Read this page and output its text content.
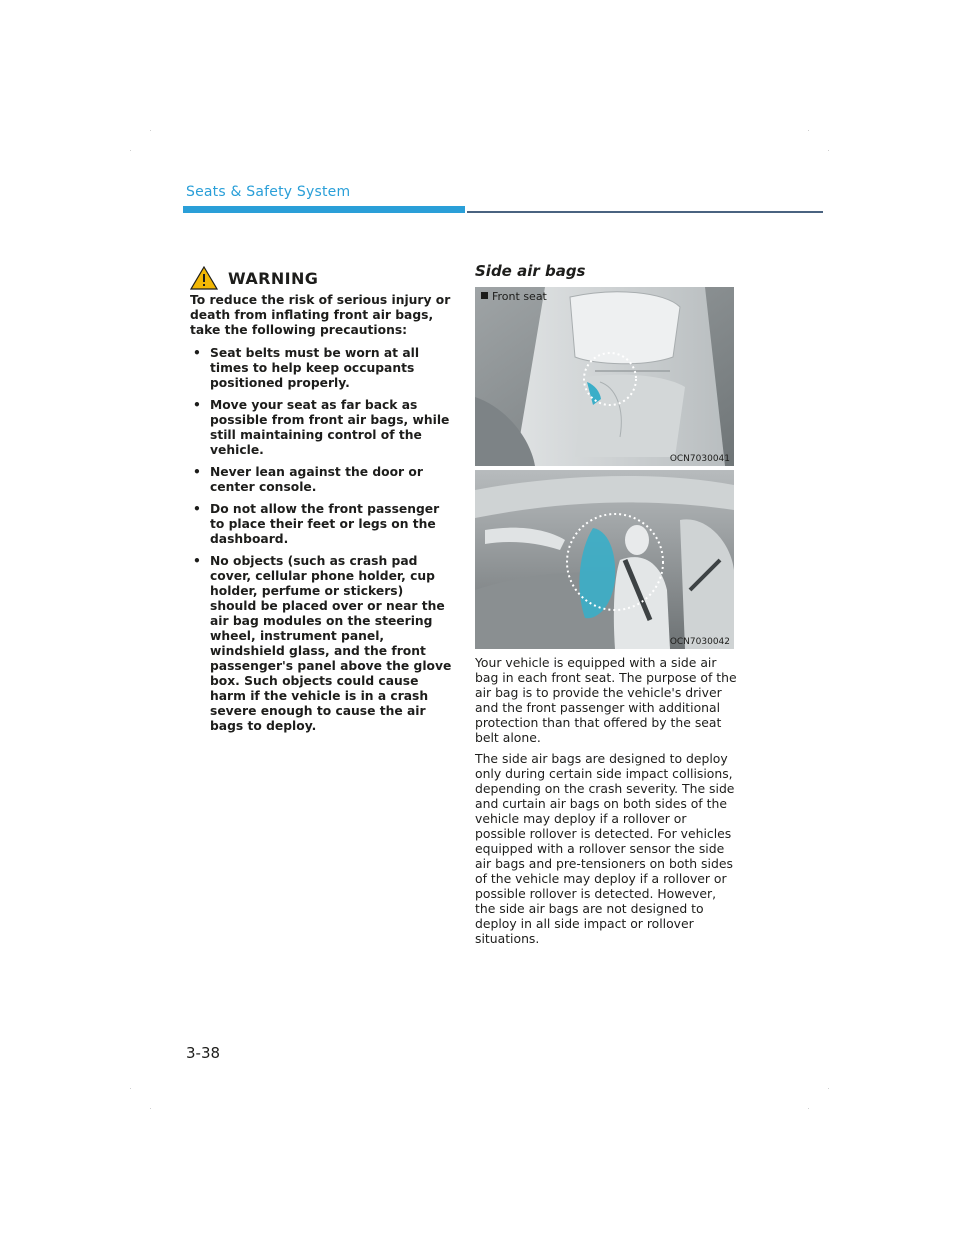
Seats & Safety System
WARNING

To reduce the risk of serious injury or death from inflating front air bags, take the following precautions:

• Seat belts must be worn at all times to help keep occupants positioned properly.
• Move your seat as far back as possible from front air bags, while still maintaining control of the vehicle.
• Never lean against the door or center console.
• Do not allow the front passenger to place their feet or legs on the dashboard.
• No objects (such as crash pad cover, cellular phone holder, cup holder, perfume or stickers) should be placed over or near the air bag modules on the steering wheel, instrument panel, windshield glass, and the front passenger's panel above the glove box. Such objects could cause harm if the vehicle is in a crash severe enough to cause the air bags to deploy.
Side air bags
Front seat
OCN7030041
OCN7030042

Your vehicle is equipped with a side air bag in each front seat. The purpose of the air bag is to provide the vehicle's driver and the front passenger with additional protection than that offered by the seat belt alone.

The side air bags are designed to deploy only during certain side impact collisions, depending on the crash severity. The side and curtain air bags on both sides of the vehicle may deploy if a rollover or possible rollover is detected. For vehicles equipped with a rollover sensor the side air bags and pre-tensioners on both sides of the vehicle may deploy if a rollover or possible rollover is detected. However, the side air bags are not designed to deploy in all side impact or rollover situations.

3-38
